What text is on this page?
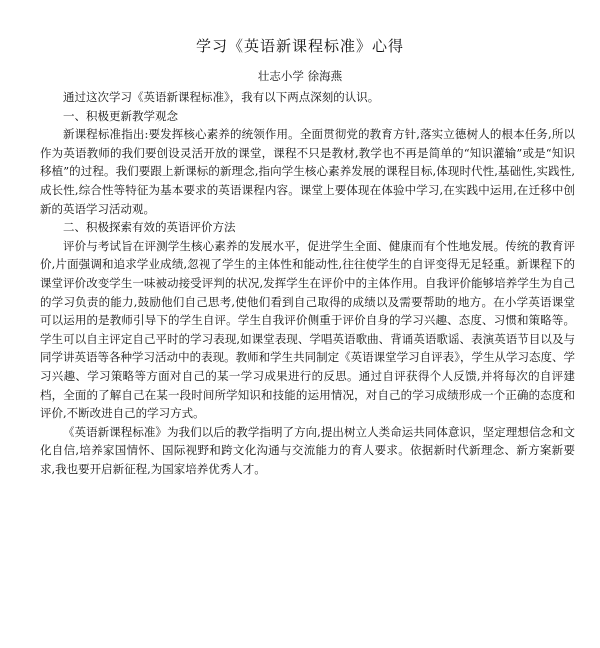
学习《英语新课程标准》心得
壮志小学 徐海燕

通过这次学习《英语新课程标准》，我有以下两点深刻的认识。

一、积极更新教学观念

新课程标准指出:要发挥核心素养的统领作用。全面贯彻党的教育方针,落实立德树人的根本任务,所以作为英语教师的我们要创设灵活开放的课堂，课程不只是教材,教学也不再是简单的“知识灌输”或是“知识移植”的过程。我们要跟上新课标的新理念,指向学生核心素养发展的课程目标,体现时代性,基础性,实践性,成长性,综合性等特征为基本要求的英语课程内容。课堂上要体现在体验中学习,在实践中运用,在迁移中创新的英语学习活动观。

二、积极探索有效的英语评价方法

评价与考试旨在评测学生核心素养的发展水平，促进学生全面、健康而有个性地发展。传统的教育评价,片面强调和追求学业成绩,忽视了学生的主体性和能动性,往往使学生的自评变得无足轻重。新课程下的课堂评价改变学生一味被动接受评判的状况,发挥学生在评价中的主体作用。自我评价能够培养学生为自己的学习负责的能力,鼓励他们自己思考,使他们看到自己取得的成绩以及需要帮助的地方。在小学英语课堂可以运用的是教师引导下的学生自评。学生自我评价侧重于评价自身的学习兴趣、态度、习惯和策略等。学生可以自主评定自己平时的学习表现,如课堂表现、学唱英语歌曲、背诵英语歌谣、表演英语节目以及与同学讲英语等各种学习活动中的表现。教师和学生共同制定《英语课堂学习自评表》，学生从学习态度、学习兴趣、学习策略等方面对自己的某一学习成果进行的反思。通过自评获得个人反馈,并将每次的自评建档，全面的了解自己在某一段时间所学知识和技能的运用情况，对自己的学习成绩形成一个正确的态度和评价,不断改进自己的学习方式。

《英语新课程标准》为我们以后的教学指明了方向,提出树立人类命运共同体意识，坚定理想信念和文化自信,培养家国情怀、国际视野和跨文化沟通与交流能力的育人要求。依据新时代新理念、新方案新要求,我也要开启新征程,为国家培养优秀人才。
